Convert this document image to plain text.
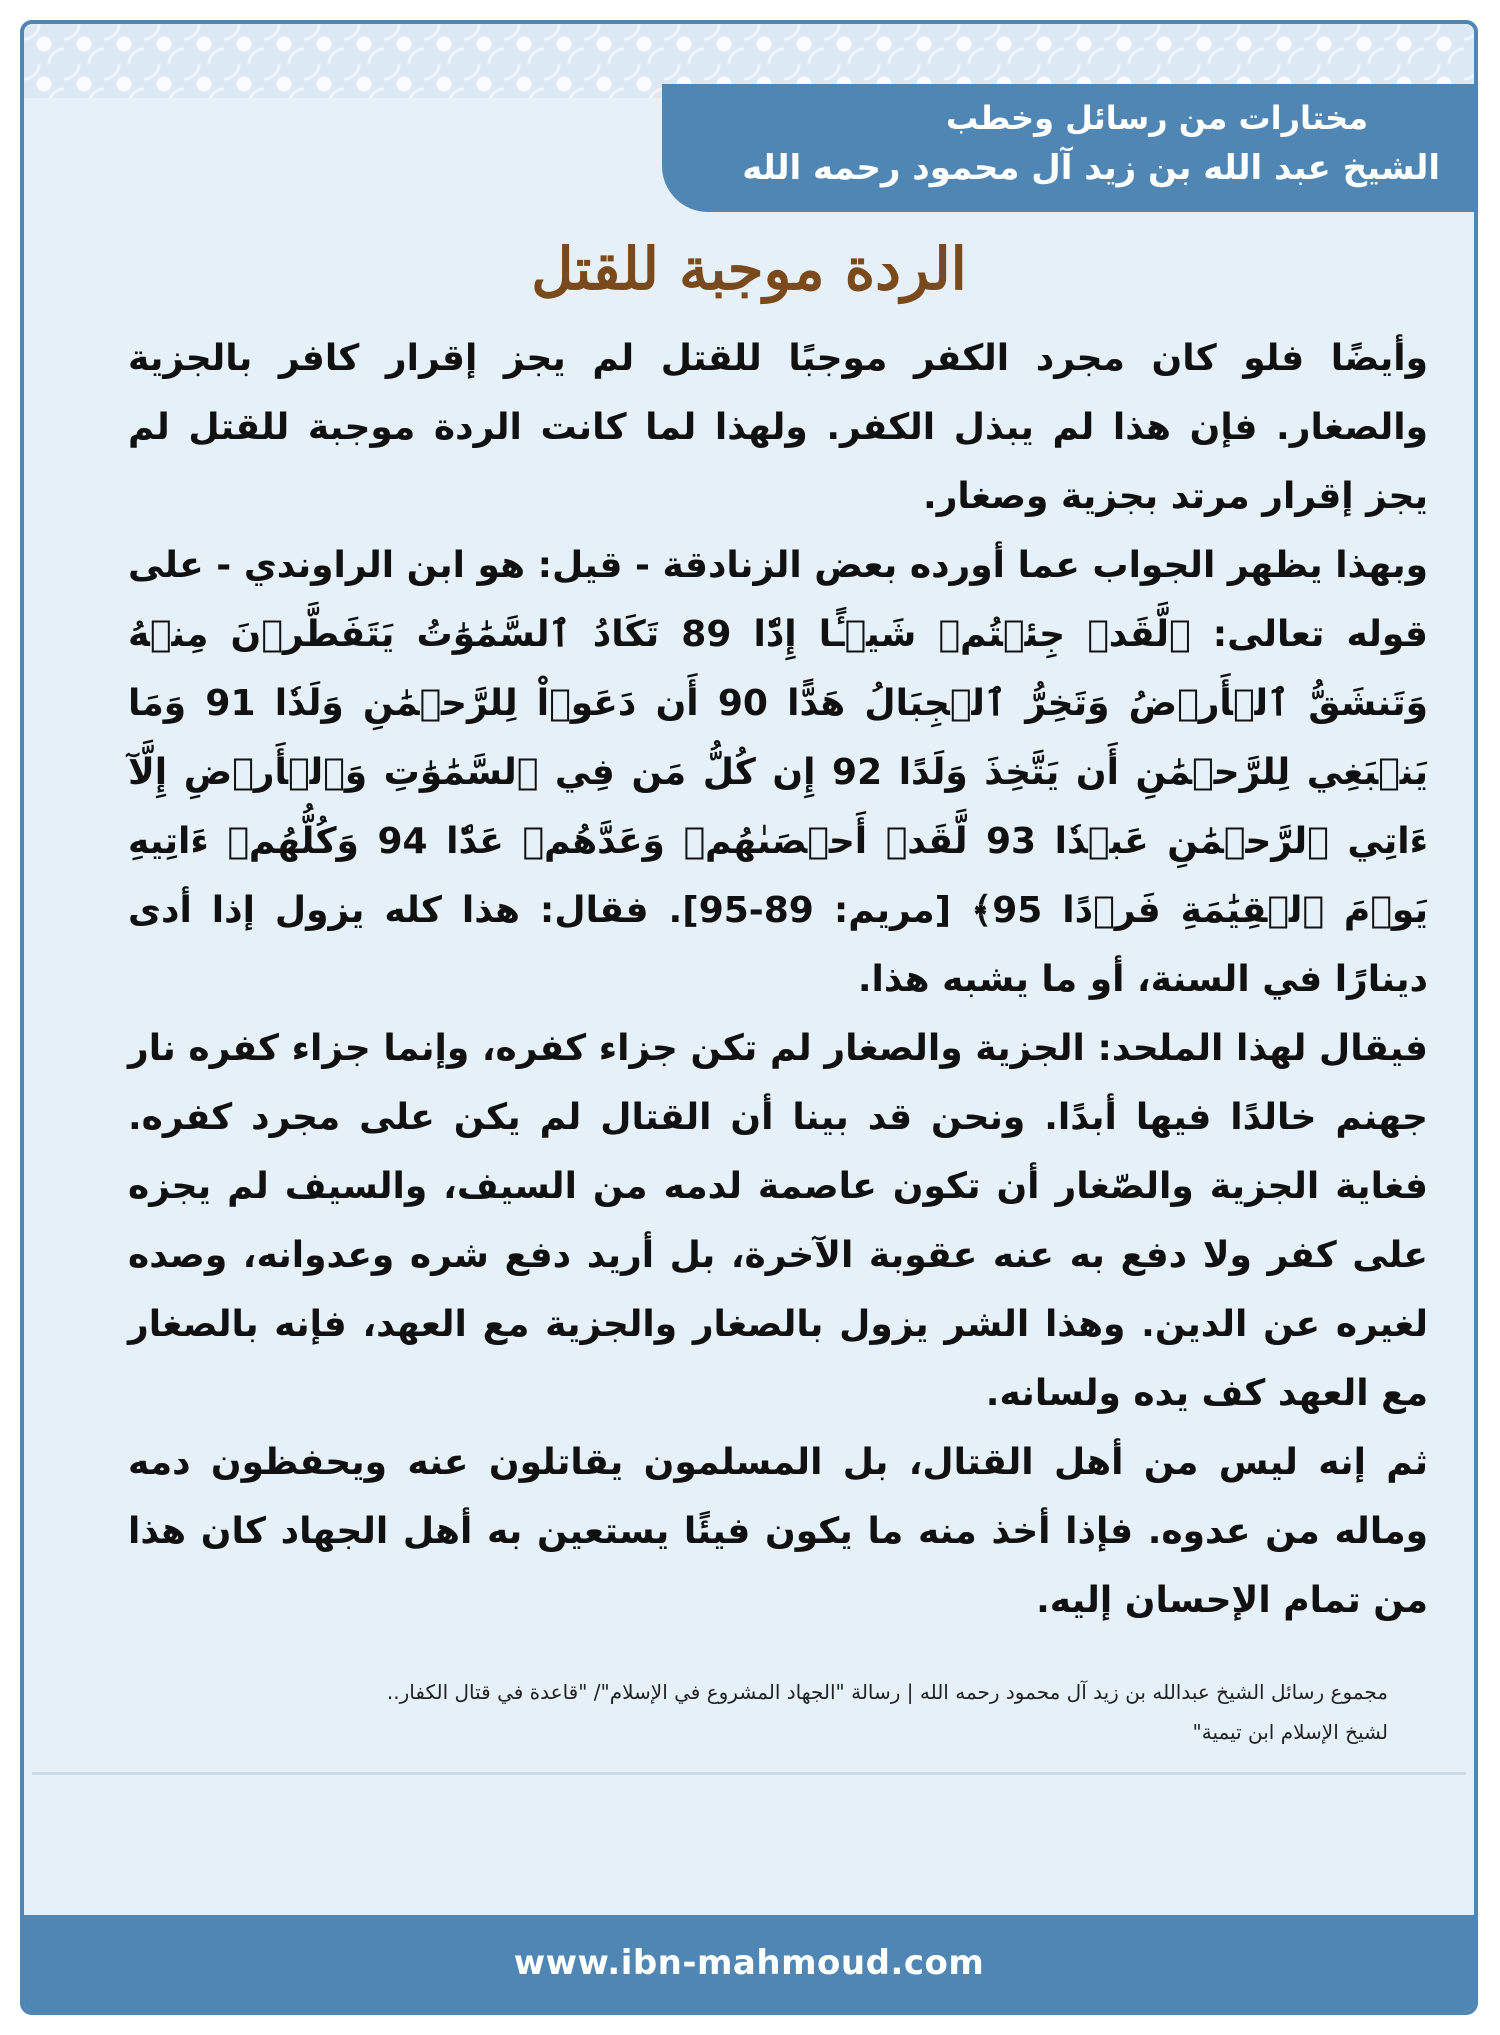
مختارات من رسائل وخطب
الشيخ عبد الله بن زيد آل محمود رحمه الله
الردة موجبة للقتل

وأيضًا فلو كان مجرد الكفر موجبًا للقتل لم يجز إقرار كافر بالجزية والصغار. فإن هذا لم يبذل الكفر. ولهذا لما كانت الردة موجبة للقتل لم يجز إقرار مرتد بجزية وصغار.

وبهذا يظهر الجواب عما أورده بعض الزنادقة - قيل: هو ابن الراوندي - على قوله تعالى: ﴿لَّقَدۡ جِئۡتُمۡ شَيۡـًٔا إِدّٗا 89 تَكَادُ ٱلسَّمَٰوَٰتُ يَتَفَطَّرۡنَ مِنۡهُ وَتَنشَقُّ ٱلۡأَرۡضُ وَتَخِرُّ ٱلۡجِبَالُ هَدًّا 90 أَن دَعَوۡاْ لِلرَّحۡمَٰنِ وَلَدٗا 91 وَمَا يَنۢبَغِي لِلرَّحۡمَٰنِ أَن يَتَّخِذَ وَلَدًا 92 إِن كُلُّ مَن فِي ٱلسَّمَٰوَٰتِ وَٱلۡأَرۡضِ إِلَّآ ءَاتِي ٱلرَّحۡمَٰنِ عَبۡدٗا 93 لَّقَدۡ أَحۡصَىٰهُمۡ وَعَدَّهُمۡ عَدّٗا 94 وَكُلُّهُمۡ ءَاتِيهِ يَوۡمَ ٱلۡقِيَٰمَةِ فَرۡدًا 95﴾ [مريم: 89-95]. فقال: هذا كله يزول إذا أدى دينارًا في السنة، أو ما يشبه هذا.

فيقال لهذا الملحد: الجزية والصغار لم تكن جزاء كفره، وإنما جزاء كفره نار جهنم خالدًا فيها أبدًا. ونحن قد بينا أن القتال لم يكن على مجرد كفره. فغاية الجزية والصّغار أن تكون عاصمة لدمه من السيف، والسيف لم يجزه على كفر ولا دفع به عنه عقوبة الآخرة، بل أريد دفع شره وعدوانه، وصده لغيره عن الدين. وهذا الشر يزول بالصغار والجزية مع العهد، فإنه بالصغار مع العهد كف يده ولسانه.

ثم إنه ليس من أهل القتال، بل المسلمون يقاتلون عنه ويحفظون دمه وماله من عدوه. فإذا أخذ منه ما يكون فيئًا يستعين به أهل الجهاد كان هذا من تمام الإحسان إليه.

www.ibn-mahmoud.com
مجموع رسائل الشيخ عبدالله بن زيد آل محمود رحمه الله | رسالة "الجهاد المشروع في الإسلام"/ "قاعدة في قتال الكفار..
لشيخ الإسلام ابن تيمية"
